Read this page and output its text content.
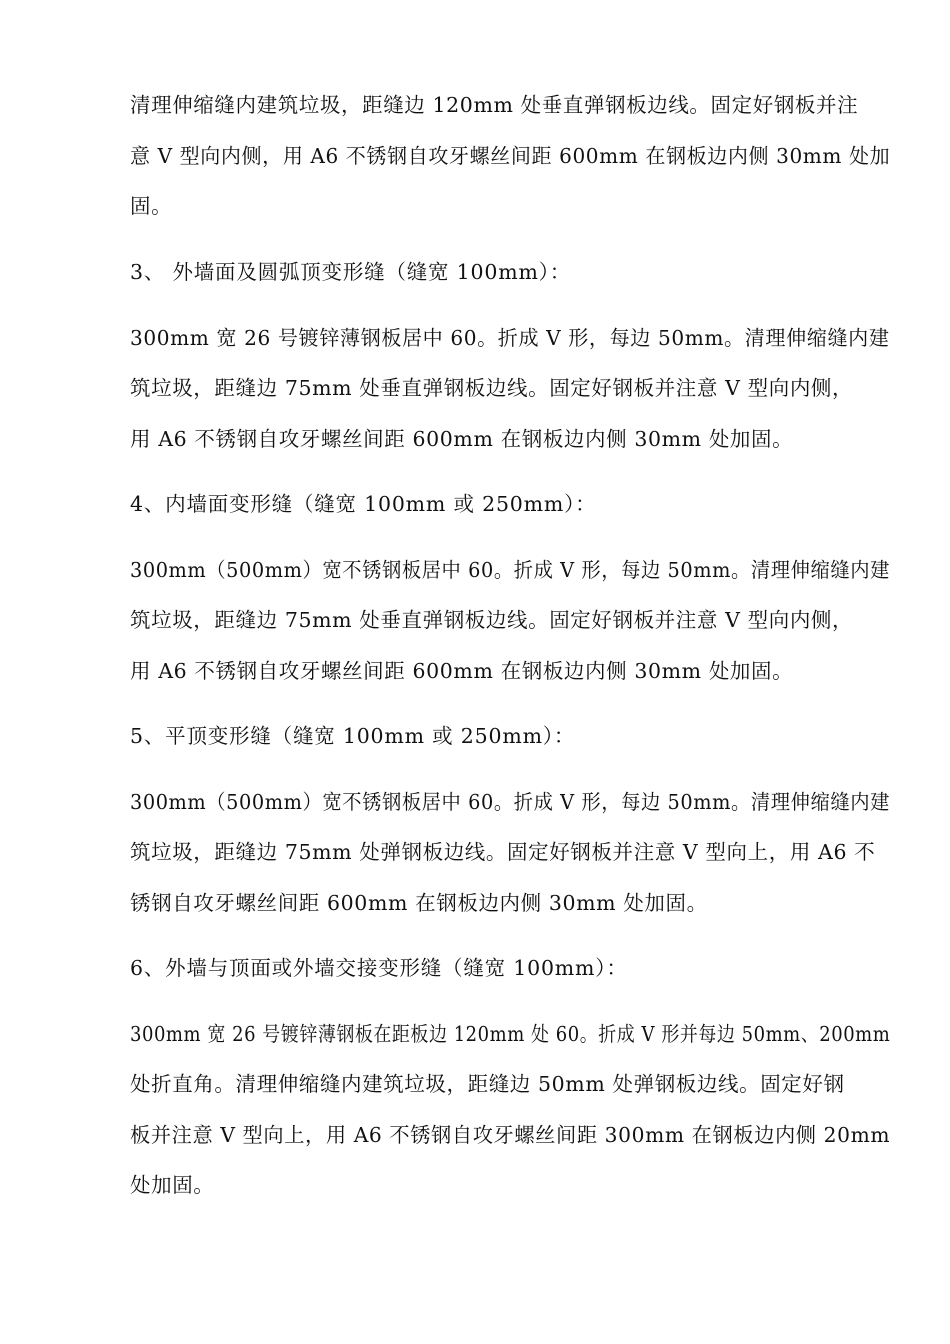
清理伸缩缝内建筑垃圾，距缝边 120mm 处垂直弹钢板边线。固定好钢板并注
意 V 型向内侧，用 A6 不锈钢自攻牙螺丝间距 600mm 在钢板边内侧 30mm 处加
固。
3、 外墙面及圆弧顶变形缝（缝宽 100mm）：
300mm 宽 26 号镀锌薄钢板居中 60。折成 V 形，每边 50mm。清理伸缩缝内建
筑垃圾，距缝边 75mm 处垂直弹钢板边线。固定好钢板并注意 V 型向内侧，
用 A6 不锈钢自攻牙螺丝间距 600mm 在钢板边内侧 30mm 处加固。
4、内墙面变形缝（缝宽 100mm 或 250mm）：
300mm（500mm）宽不锈钢板居中 60。折成 V 形，每边 50mm。清理伸缩缝内建
筑垃圾，距缝边 75mm 处垂直弹钢板边线。固定好钢板并注意 V 型向内侧，
用 A6 不锈钢自攻牙螺丝间距 600mm 在钢板边内侧 30mm 处加固。
5、平顶变形缝（缝宽 100mm 或 250mm）：
300mm（500mm）宽不锈钢板居中 60。折成 V 形，每边 50mm。清理伸缩缝内建
筑垃圾，距缝边 75mm 处弹钢板边线。固定好钢板并注意 V 型向上，用 A6 不
锈钢自攻牙螺丝间距 600mm 在钢板边内侧 30mm 处加固。
6、外墙与顶面或外墙交接变形缝（缝宽 100mm）：
300mm 宽 26 号镀锌薄钢板在距板边 120mm 处 60。折成 V 形并每边 50mm、200mm
处折直角。清理伸缩缝内建筑垃圾，距缝边 50mm 处弹钢板边线。固定好钢
板并注意 V 型向上，用 A6 不锈钢自攻牙螺丝间距 300mm 在钢板边内侧 20mm
处加固。
